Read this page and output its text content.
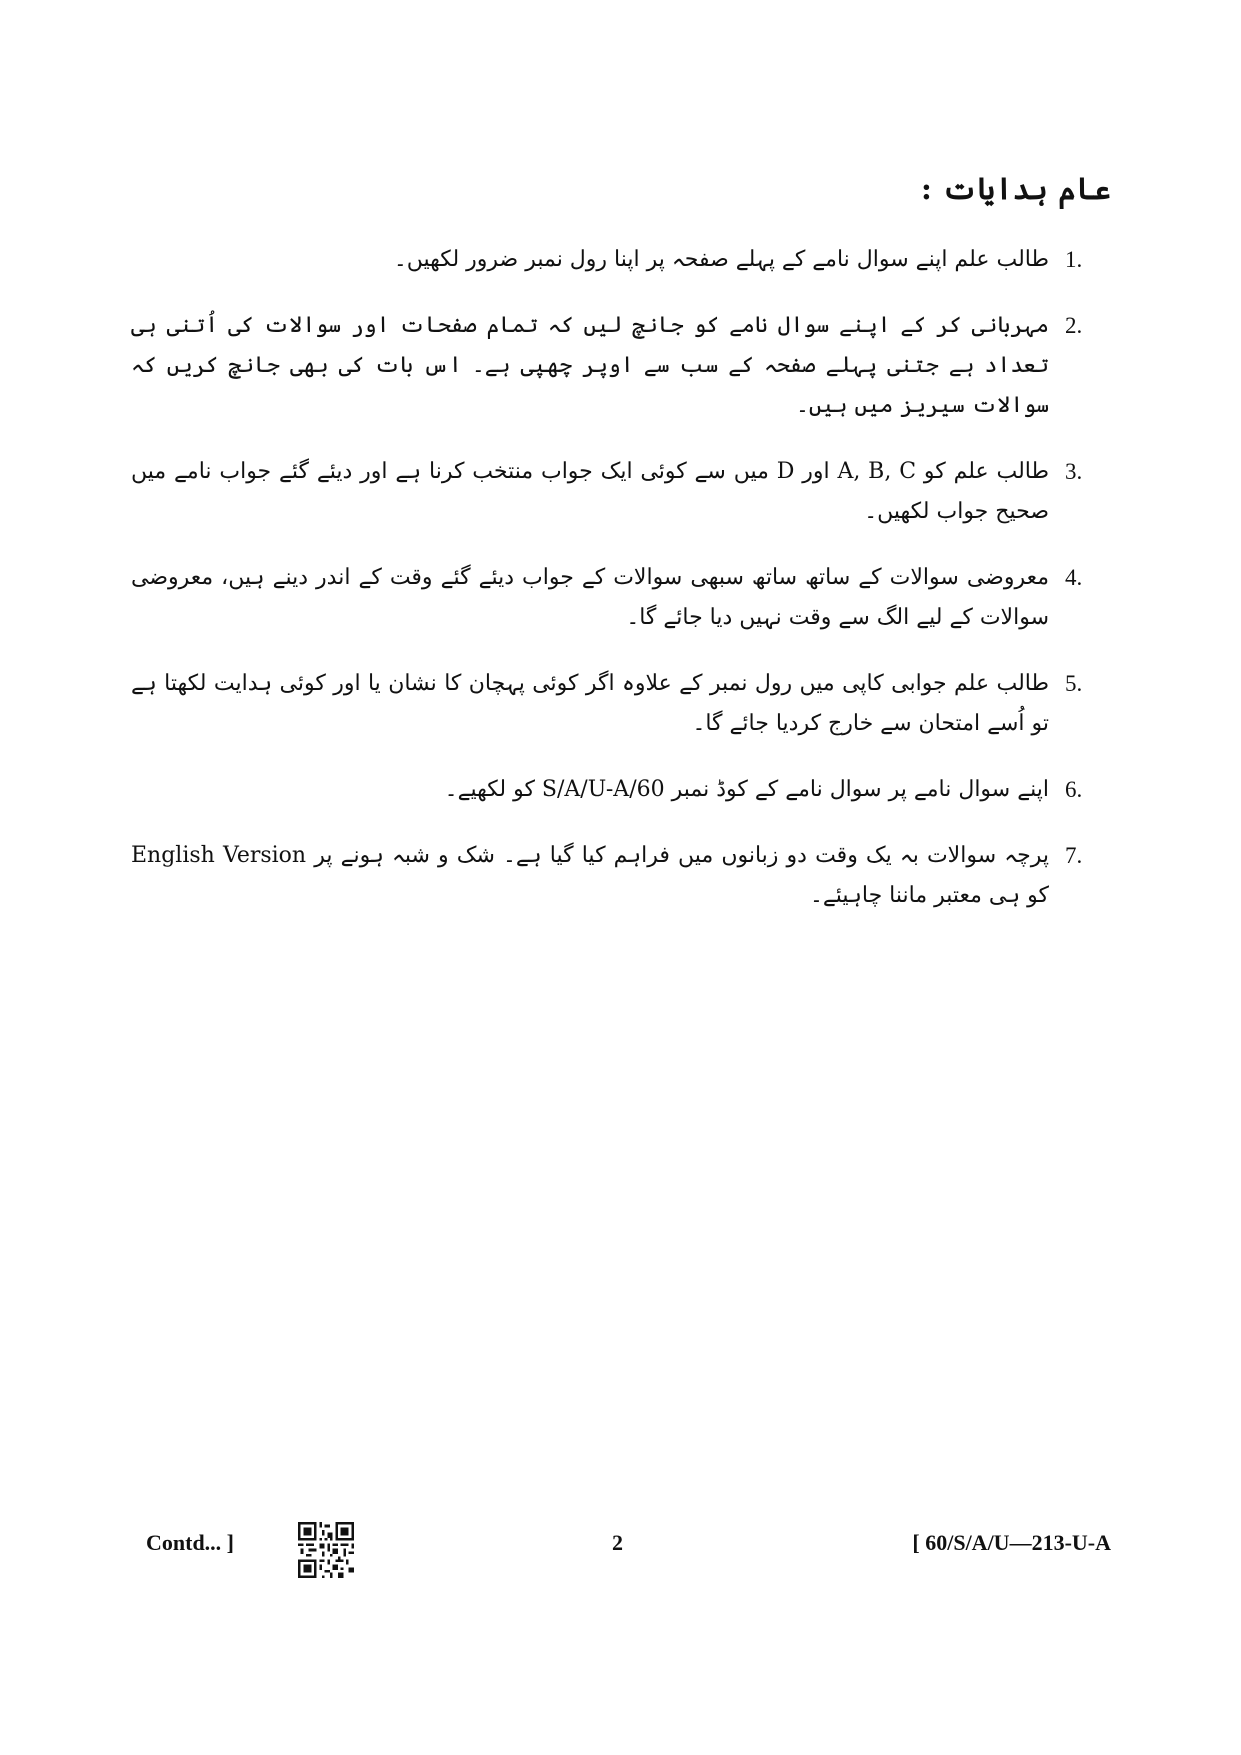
عام ہدایات :
1.
طالب علم اپنے سوال نامے کے پہلے صفحہ پر اپنا رول نمبر ضرور لکھیں۔
2.
مہربانی کر کے اپنے سوال نامے کو جانچ لیں کہ تمام صفحات اور سوالات کی اُتنی ہی تعداد ہے جتنی پہلے صفحہ کے سب سے اوپر چھپی ہے۔ اس بات کی بھی جانچ کریں کہ سوالات سیریز میں ہیں۔
3.
طالب علم کو A, B, C اور D میں سے کوئی ایک جواب منتخب کرنا ہے اور دیئے گئے جواب نامے میں صحیح جواب لکھیں۔
4.
معروضی سوالات کے ساتھ ساتھ سبھی سوالات کے جواب دیئے گئے وقت کے اندر دینے ہیں، معروضی سوالات کے لیے الگ سے وقت نہیں دیا جائے گا۔
5.
طالب علم جوابی کاپی میں رول نمبر کے علاوہ اگر کوئی پہچان کا نشان یا اور کوئی ہدایت لکھتا ہے تو اُسے امتحان سے خارج کردیا جائے گا۔
6.
اپنے سوال نامے پر سوال نامے کے کوڈ نمبر 60/S/A/U-A کو لکھیے۔
7.
پرچہ سوالات بہ یک وقت دو زبانوں میں فراہم کیا گیا ہے۔ شک و شبہ ہونے پر English Version کو ہی معتبر ماننا چاہیئے۔
Contd... ]	2	[ 60/S/A/U—213-U-A
